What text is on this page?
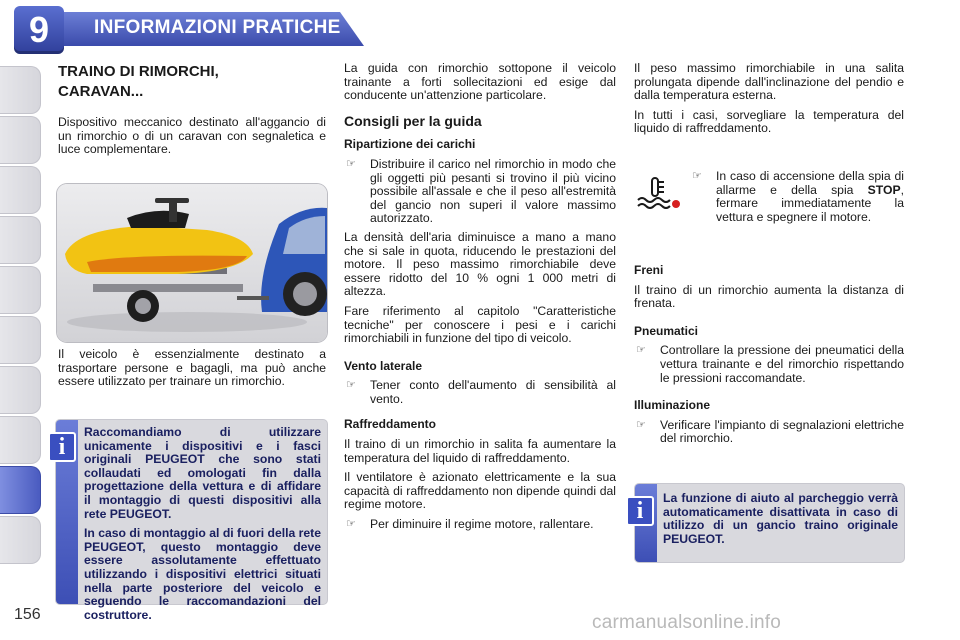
9	INFORMAZIONI PRATICHE
TRAINO DI RIMORCHI, CARAVAN...

Dispositivo meccanico destinato all'aggancio di un rimorchio o di un caravan con segnaletica e luce complementare.

Il veicolo è essenzialmente destinato a trasportare persone e bagagli, ma può anche essere utilizzato per trainare un rimorchio.

Raccomandiamo di utilizzare unicamente i dispositivi e i fasci originali PEUGEOT che sono stati collaudati ed omologati fin dalla progettazione della vettura e di affidare il montaggio di questi dispositivi alla rete PEUGEOT.
In caso di montaggio al di fuori della rete PEUGEOT, questo montaggio deve essere assolutamente effettuato utilizzando i dispositivi elettrici situati nella parte posteriore del veicolo e seguendo le raccomandazioni del costruttore.
i

La guida con rimorchio sottopone il veicolo trainante a forti sollecitazioni ed esige dal conducente un'attenzione particolare.

Consigli per la guida
Ripartizione dei carichi
☞	Distribuire il carico nel rimorchio in modo che gli oggetti più pesanti si trovino il più vicino possibile all'assale e che il peso all'estremità del gancio non superi il valore massimo autorizzato.

La densità dell'aria diminuisce a mano a mano che si sale in quota, riducendo le prestazioni del motore. Il peso massimo rimorchiabile deve essere ridotto del 10 % ogni 1 000 metri di altezza.

Fare riferimento al capitolo "Caratteristiche tecniche" per conoscere i pesi e i carichi rimorchiabili in funzione del tipo di veicolo.

Vento laterale
☞	Tener conto dell'aumento di sensibilità al vento.
Raffreddamento

Il traino di un rimorchio in salita fa aumentare la temperatura del liquido di raffreddamento.

Il ventilatore è azionato elettricamente e la sua capacità di raffreddamento non dipende quindi dal regime motore.

☞	Per diminuire il regime motore, rallentare.

Il peso massimo rimorchiabile in una salita prolungata dipende dall'inclinazione del pendio e dalla temperatura esterna.

In tutti i casi, sorvegliare la temperatura del liquido di raffreddamento.

☞	In caso di accensione della spia di allarme e della spia STOP, fermare immediatamente la vettura e spegnere il motore.
Freni

Il traino di un rimorchio aumenta la distanza di frenata.

Pneumatici
☞	Controllare la pressione dei pneumatici della vettura trainante e del rimorchio rispettando le pressioni raccomandate.
Illuminazione
☞	Verificare l'impianto di segnalazioni elettriche del rimorchio.
La funzione di aiuto al parcheggio verrà automaticamente disattivata in caso di utilizzo di un gancio traino originale PEUGEOT.
i
156	carmanualsonline.info
